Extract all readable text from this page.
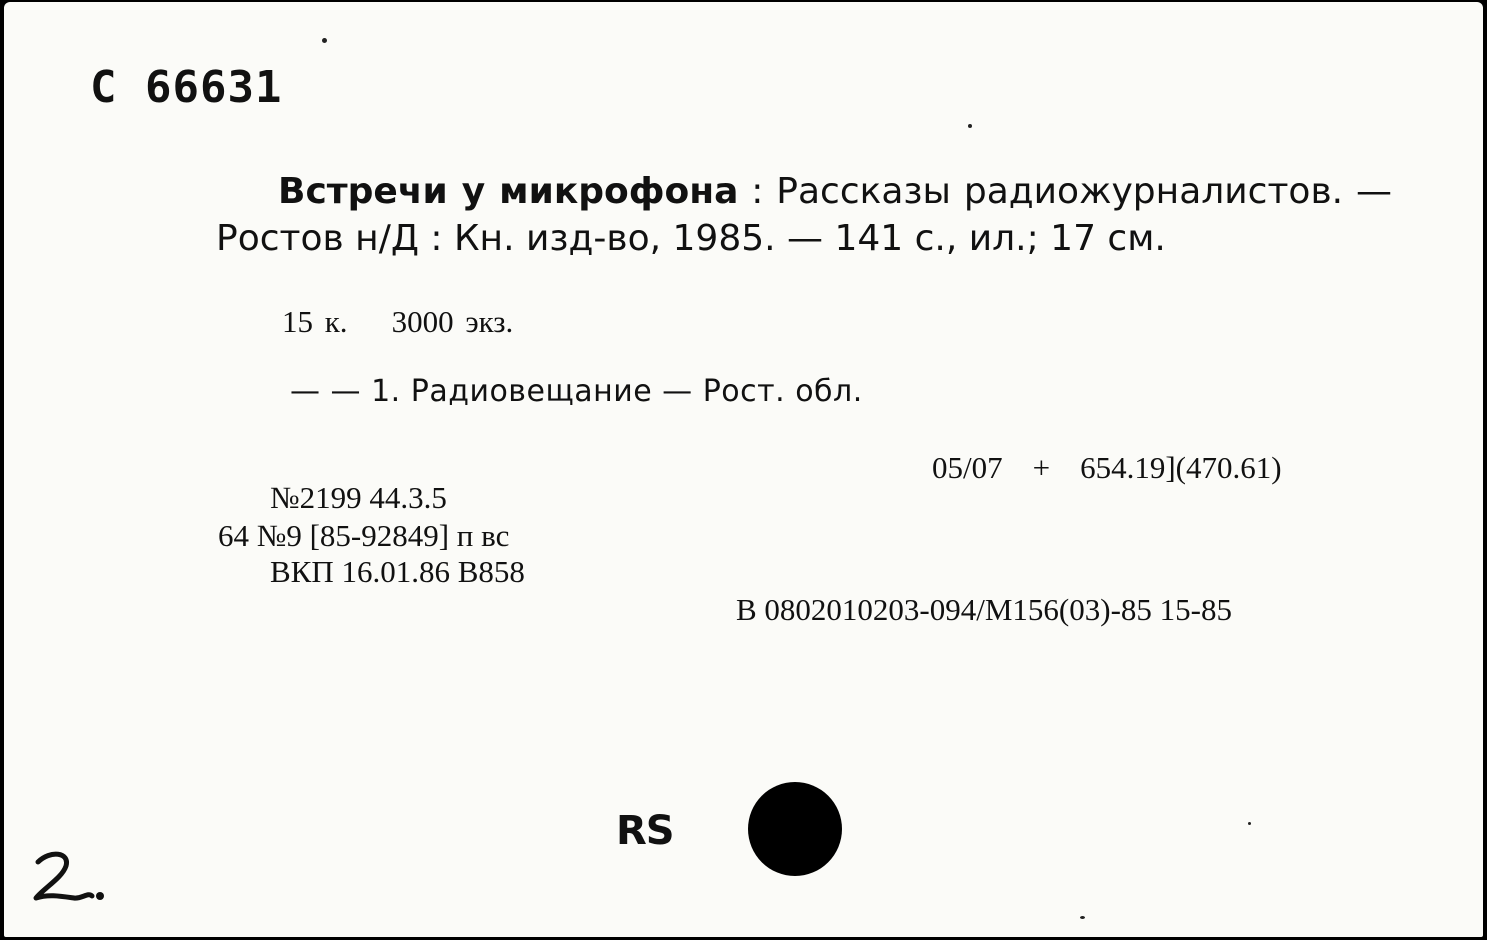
С 66631
Встречи у микрофона : Рассказы радиожурналистов. — Ростов н/Д : Кн. изд-во, 1985. — 141 с., ил.; 17 см.
15 к. 3000 экз.
— — 1. Радиовещание — Рост. обл.
05/07 + 654.19](470.61)
№2199 44.3.5
64 №9 [85-92849] п вс
ВКП 16.01.86 В858
В 0802010203-094/М156(03)-85 15-85
RS
